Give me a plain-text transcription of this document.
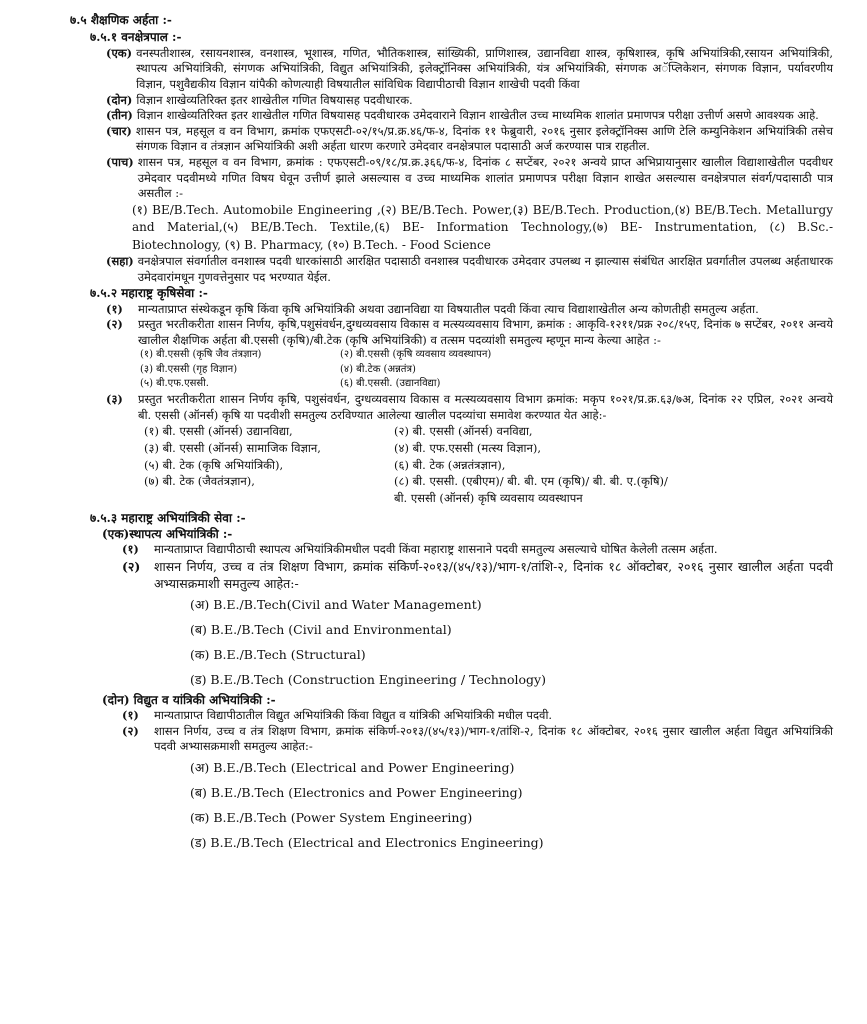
७.५ शैक्षणिक अर्हता :-
७.५.१ वनक्षेत्रपाल :-
(एक) वनस्पतीशास्त्र, रसायनशास्त्र, वनशास्त्र, भूशास्त्र, गणित, भौतिकशास्त्र, सांख्यिकी, प्राणिशास्त्र, उद्यानविद्या शास्त्र, कृषिशास्त्र, कृषि अभियांत्रिकी,रसायन अभियांत्रिकी, स्थापत्य अभियांत्रिकी, संगणक अभियांत्रिकी, विद्युत अभियांत्रिकी, इलेक्ट्रॉनिक्स अभियांत्रिकी, यंत्र अभियांत्रिकी, संगणक अॅप्लिकेशन, संगणक विज्ञान, पर्यावरणीय विज्ञान, पशुवैद्यकीय विज्ञान यांपैकी कोणत्याही विषयातील सांविधिक विद्यापीठाची विज्ञान शाखेची पदवी किंवा
(दोन) विज्ञान शाखेव्यतिरिक्त इतर शाखेतील गणित विषयासह पदवीधारक.
(तीन) विज्ञान शाखेव्यतिरिक्त इतर शाखेतील गणित विषयासह पदवीधारक उमेदवाराने विज्ञान शाखेतील उच्च माध्यमिक शालांत प्रमाणपत्र परीक्षा उत्तीर्ण असणे आवश्यक आहे.
(चार) शासन पत्र, महसूल व वन विभाग, क्रमांक एफएसटी-०२/१५/प्र.क्र.४६/फ-४, दिनांक ११ फेब्रुवारी, २०१६ नुसार इलेक्ट्रॉनिक्स आणि टेलि कम्युनिकेशन अभियांत्रिकी तसेच संगणक विज्ञान व तंत्रज्ञान अभियांत्रिकी अशी अर्हता धारण करणारे उमेदवार वनक्षेत्रपाल पदासाठी अर्ज करण्यास पात्र राहतील.
(पाच) शासन पत्र, महसूल व वन विभाग, क्रमांक : एफएसटी-०९/१८/प्र.क्र.३६६/फ-४, दिनांक ८ सप्टेंबर, २०२१ अन्वये प्राप्त अभिप्रायानुसार खालील विद्याशाखेतील पदवीधर उमेदवार पदवीमध्ये गणित विषय घेवून उत्तीर्ण झाले असल्यास व उच्च माध्यमिक शालांत प्रमाणपत्र परीक्षा विज्ञान शाखेत असल्यास वनक्षेत्रपाल संवर्ग/पदासाठी पात्र असतील :-
(१) BE/B.Tech. Automobile Engineering ,(२) BE/B.Tech. Power,(३) BE/B.Tech. Production,(४) BE/B.Tech. Metallurgy and Material,(५) BE/B.Tech. Textile,(६) BE- Information Technology,(७) BE- Instrumentation, (८) B.Sc.- Biotechnology, (९) B. Pharmacy, (१०) B.Tech. - Food Science
(सहा) वनक्षेत्रपाल संवर्गातील वनशास्त्र पदवी धारकांसाठी आरक्षित पदासाठी वनशास्त्र पदवीधारक उमेदवार उपलब्ध न झाल्यास संबंधित आरक्षित प्रवर्गातील उपलब्ध अर्हताधारक उमेदवारांमधून गुणवत्तेनुसार पद भरण्यात येईल.
७.५.२ महाराष्ट्र कृषिसेवा :-
(१)	मान्यताप्राप्त संस्थेकडून कृषि किंवा कृषि अभियांत्रिकी अथवा उद्यानविद्या या विषयातील पदवी किंवा त्याच विद्याशाखेतील अन्य कोणतीही समतुल्य अर्हता.
(२)	प्रस्तुत भरतीकरीता शासन निर्णय, कृषि,पशुसंवर्धन,दुग्धव्यवसाय विकास व मत्स्यव्यवसाय विभाग, क्रमांक : आकृवि-१२११/प्रक्र २०८/१५ए, दिनांक ७ सप्टेंबर, २०११ अन्वये खालील शैक्षणिक अर्हता बी.एससी (कृषि)/बी.टेक (कृषि अभियांत्रिकी) व तत्सम पदव्यांशी समतुल्य म्हणून मान्य केल्या आहेत :-
(१) बी.एससी (कृषि जैव तंत्रज्ञान)	(२) बी.एससी (कृषि व्यवसाय व्यवस्थापन)
(३) बी.एससी (गृह विज्ञान)	(४) बी.टेक (अन्नतंत्र)
(५) बी.एफ.एससी.	(६) बी.एससी. (उद्यानविद्या)
(३)	प्रस्तुत भरतीकरीता शासन निर्णय कृषि, पशुसंवर्धन, दुग्धव्यवसाय विकास व मत्स्यव्यवसाय विभाग क्रमांक: मकृप १०२१/प्र.क्र.६३/७अ, दिनांक २२ एप्रिल, २०२१ अन्वये बी. एससी (ऑनर्स) कृषि या पदवीशी समतुल्य ठरविण्यात आलेल्या खालील पदव्यांचा समावेश करण्यात येत आहे:-
(१) बी. एससी (ऑनर्स) उद्यानविद्या,	(२) बी. एससी (ऑनर्स) वनविद्या,
(३) बी. एससी (ऑनर्स) सामाजिक विज्ञान,	(४) बी. एफ.एससी (मत्स्य विज्ञान),
(५) बी. टेक (कृषि अभियांत्रिकी),	(६) बी. टेक (अन्नतंत्रज्ञान),
(७) बी. टेक (जैवतंत्रज्ञान),	(८) बी. एससी. (एबीएम)/ बी. बी. एम (कृषि)/ बी. बी. ए.(कृषि)/
बी. एससी (ऑनर्स) कृषि व्यवसाय व्यवस्थापन
७.५.३ महाराष्ट्र अभियांत्रिकी सेवा :-
(एक)स्थापत्य अभियांत्रिकी :-
(१)	मान्यताप्राप्त विद्यापीठाची स्थापत्य अभियांत्रिकीमधील पदवी किंवा महाराष्ट्र शासनाने पदवी समतुल्य असल्याचे घोषित केलेली तत्सम अर्हता.
(२)	शासन निर्णय, उच्च व तंत्र शिक्षण विभाग, क्रमांक संकिर्ण-२०१३/(४५/१३)/भाग-१/तांशि-२, दिनांक १८ ऑक्टोबर, २०१६ नुसार खालील अर्हता पदवी अभ्यासक्रमाशी समतुल्य आहेत:-
(अ) B.E./B.Tech(Civil and Water Management)
(ब) B.E./B.Tech (Civil and Environmental)
(क) B.E./B.Tech (Structural)
(ड) B.E./B.Tech (Construction Engineering / Technology)
(दोन) विद्युत व यांत्रिकी अभियांत्रिकी :-
(१)	मान्यताप्राप्त विद्यापीठातील विद्युत अभियांत्रिकी किंवा विद्युत व यांत्रिकी अभियांत्रिकी मधील पदवी.
(२)	शासन निर्णय, उच्च व तंत्र शिक्षण विभाग, क्रमांक संकिर्ण-२०१३/(४५/१३)/भाग-१/तांशि-२, दिनांक १८ ऑक्टोबर, २०१६ नुसार खालील अर्हता विद्युत अभियांत्रिकी पदवी अभ्यासक्रमाशी समतुल्य आहेत:-
(अ) B.E./B.Tech (Electrical and Power Engineering)
(ब) B.E./B.Tech (Electronics and Power Engineering)
(क) B.E./B.Tech (Power System Engineering)
(ड) B.E./B.Tech (Electrical and Electronics Engineering)
